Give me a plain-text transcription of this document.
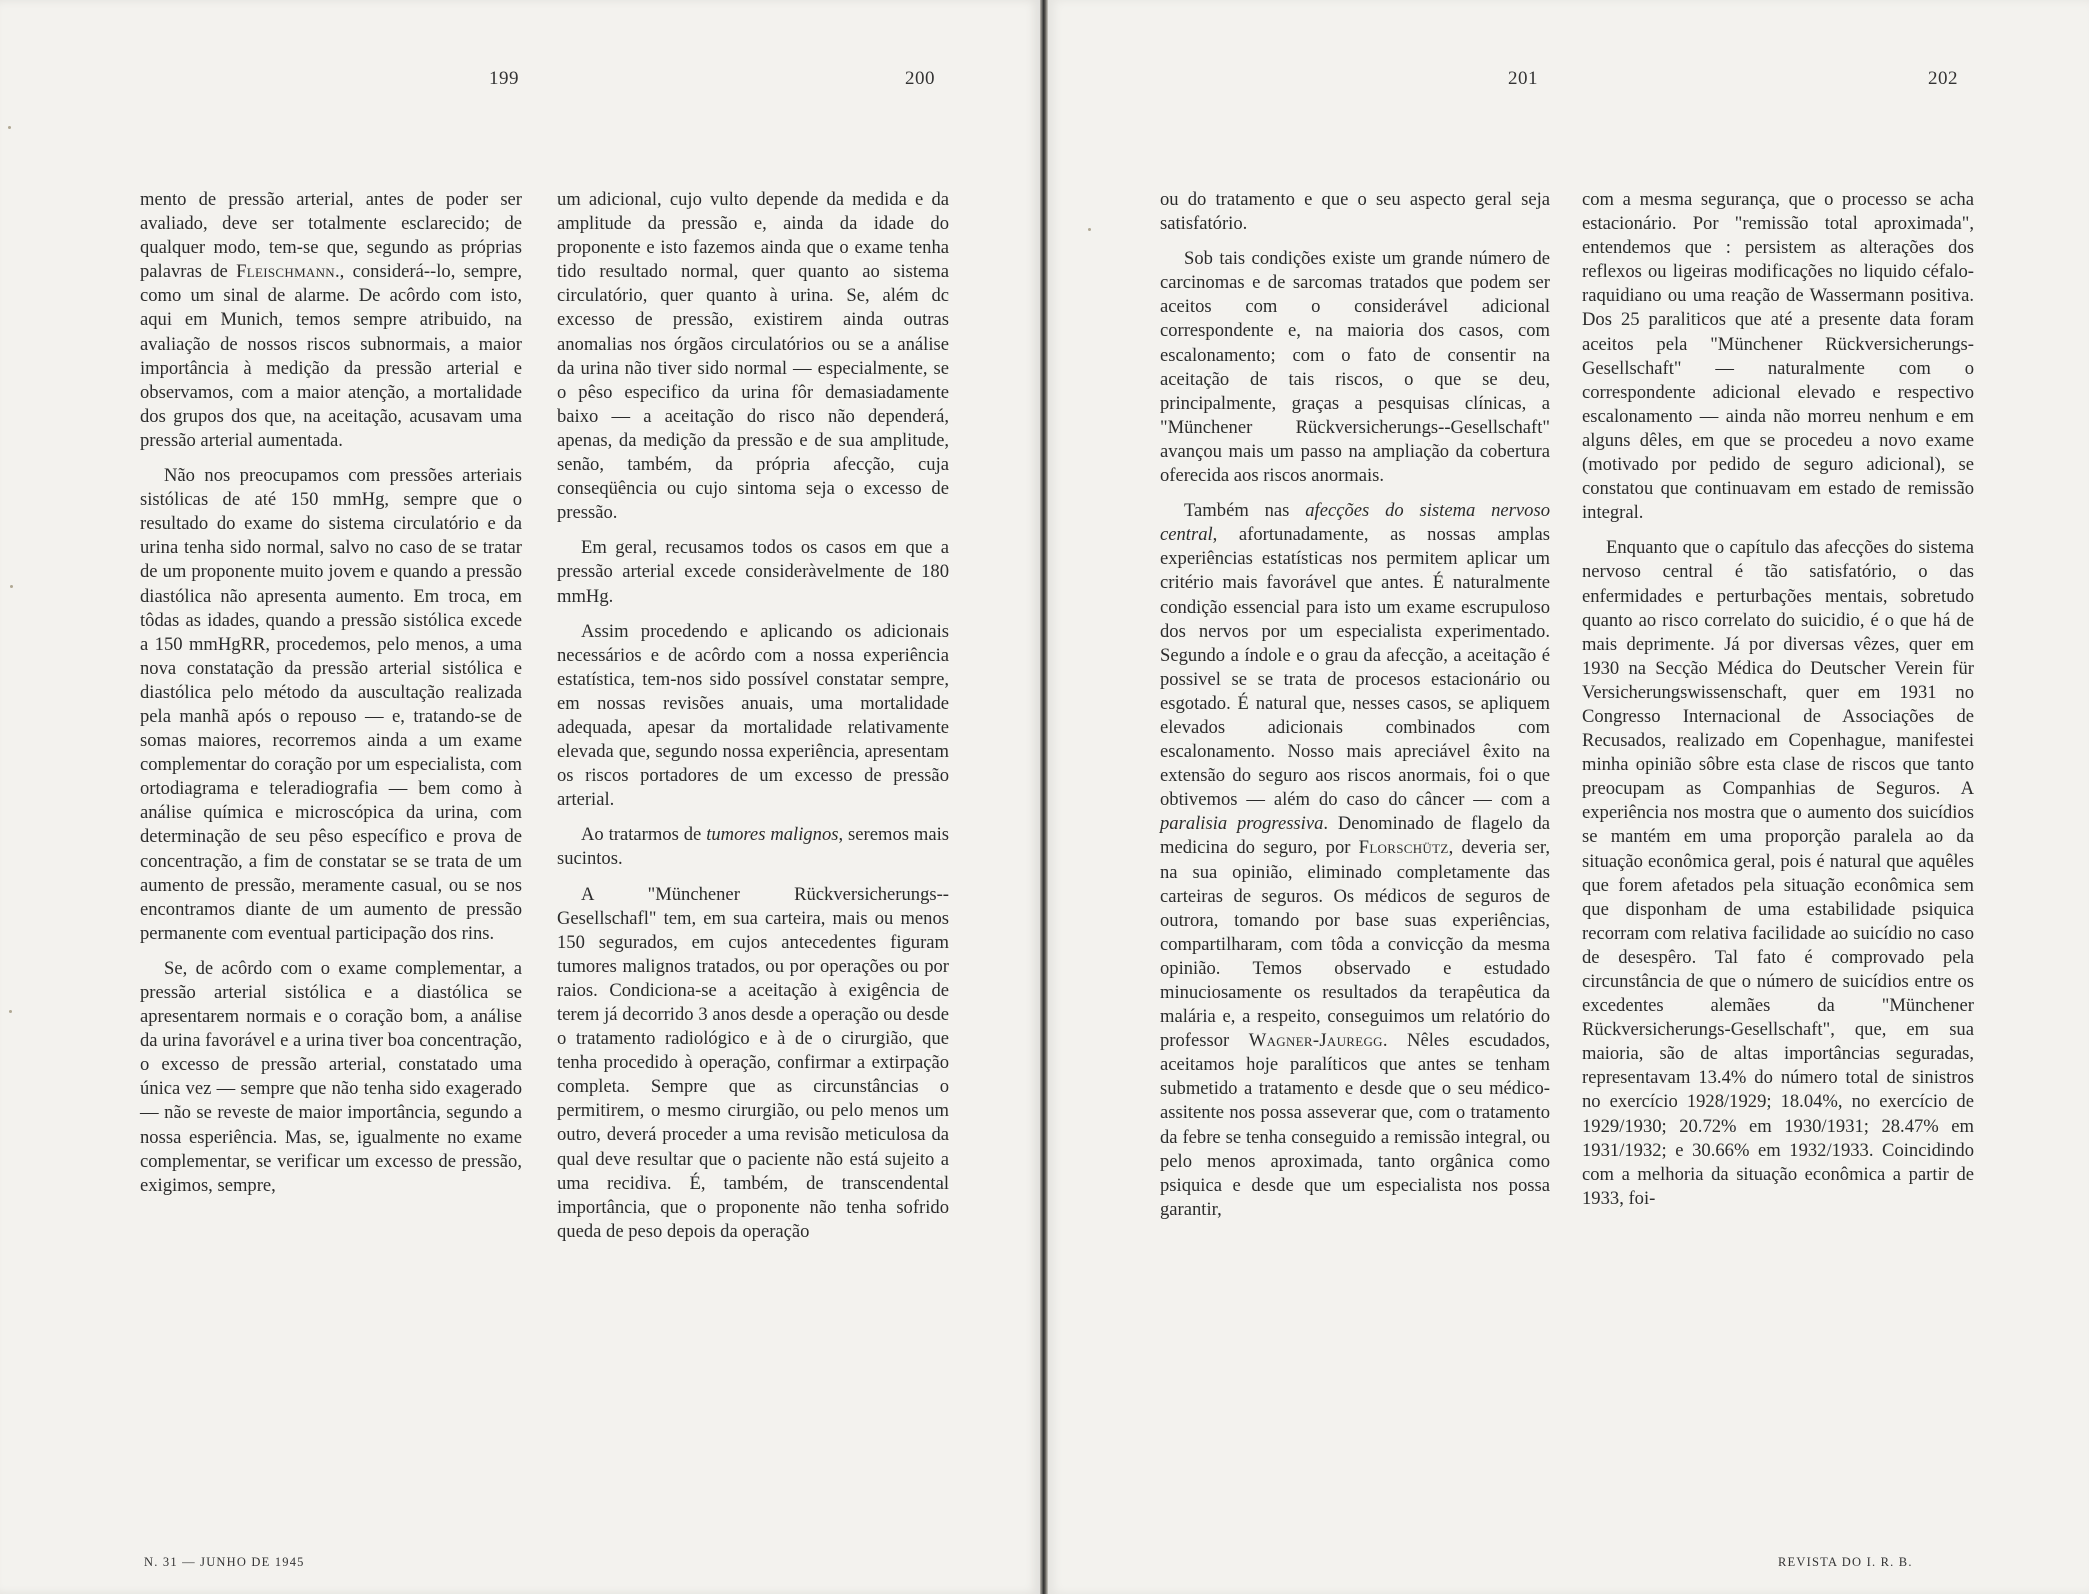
199	200

mento de pressão arterial, antes de poder ser avaliado, deve ser totalmente esclarecido; de qualquer modo, tem-se que, segundo as próprias palavras de Fleischmann., considerá--lo, sempre, como um sinal de alarme. De acôrdo com isto, aqui em Munich, temos sempre atribuido, na avaliação de nossos riscos subnormais, a maior importância à medição da pressão arterial e observamos, com a maior atenção, a mortalidade dos grupos dos que, na aceitação, acusavam uma pressão arterial aumentada.

Não nos preocupamos com pressões arteriais sistólicas de até 150 mmHg, sempre que o resultado do exame do sistema circulatório e da urina tenha sido normal, salvo no caso de se tratar de um proponente muito jovem e quando a pressão diastólica não apresenta aumento. Em troca, em tôdas as idades, quando a pressão sistólica excede a 150 mmHgRR, procedemos, pelo menos, a uma nova constatação da pressão arterial sistólica e diastólica pelo método da auscultação realizada pela manhã após o repouso — e, tratando-se de somas maiores, recorremos ainda a um exame complementar do coração por um especialista, com ortodiagrama e teleradiografia — bem como à análise química e microscópica da urina, com determinação de seu pêso específico e prova de concentração, a fim de constatar se se trata de um aumento de pressão, meramente casual, ou se nos encontramos diante de um aumento de pressão permanente com eventual participação dos rins.

Se, de acôrdo com o exame complementar, a pressão arterial sistólica e a diastólica se apresentarem normais e o coração bom, a análise da urina favorável e a urina tiver boa concentração, o excesso de pressão arterial, constatado uma única vez — sempre que não tenha sido exagerado — não se reveste de maior importância, segundo a nossa esperiência. Mas, se, igualmente no exame complementar, se verificar um excesso de pressão, exigimos, sempre,

um adicional, cujo vulto depende da medida e da amplitude da pressão e, ainda da idade do proponente e isto fazemos ainda que o exame tenha tido resultado normal, quer quanto ao sistema circulatório, quer quanto à urina. Se, além dc excesso de pressão, existirem ainda outras anomalias nos órgãos circulatórios ou se a análise da urina não tiver sido normal — especialmente, se o pêso especifico da urina fôr demasiadamente baixo — a aceitação do risco não dependerá, apenas, da medição da pressão e de sua amplitude, senão, também, da própria afecção, cuja conseqüência ou cujo sintoma seja o excesso de pressão.

Em geral, recusamos todos os casos em que a pressão arterial excede consideràvelmente de 180 mmHg.

Assim procedendo e aplicando os adicionais necessários e de acôrdo com a nossa experiência estatística, tem-nos sido possível constatar sempre, em nossas revisões anuais, uma mortalidade adequada, apesar da mortalidade relativamente elevada que, segundo nossa experiência, apresentam os riscos portadores de um excesso de pressão arterial.

Ao tratarmos de tumores malignos, seremos mais sucintos.

A "Münchener Rückversicherungs--Gesellschafl" tem, em sua carteira, mais ou menos 150 segurados, em cujos antecedentes figuram tumores malignos tratados, ou por operações ou por raios. Condiciona-se a aceitação à exigência de terem já decorrido 3 anos desde a operação ou desde o tratamento radiológico e à de o cirurgião, que tenha procedido à operação, confirmar a extirpação completa. Sempre que as circunstâncias o permitirem, o mesmo cirurgião, ou pelo menos um outro, deverá proceder a uma revisão meticulosa da qual deve resultar que o paciente não está sujeito a uma recidiva. É, também, de transcendental importância, que o proponente não tenha sofrido queda de peso depois da operação

N. 31 — JUNHO DE 1945
201	202

ou do tratamento e que o seu aspecto geral seja satisfatório.

Sob tais condições existe um grande número de carcinomas e de sarcomas tratados que podem ser aceitos com o considerável adicional correspondente e, na maioria dos casos, com escalonamento; com o fato de consentir na aceitação de tais riscos, o que se deu, principalmente, graças a pesquisas clínicas, a "Münchener Rückversicherungs--Gesellschaft" avançou mais um passo na ampliação da cobertura oferecida aos riscos anormais.

Também nas afecções do sistema nervoso central, afortunadamente, as nossas amplas experiências estatísticas nos permitem aplicar um critério mais favorável que antes. É naturalmente condição essencial para isto um exame escrupuloso dos nervos por um especialista experimentado. Segundo a índole e o grau da afecção, a aceitação é possivel se se trata de procesos estacionário ou esgotado. É natural que, nesses casos, se apliquem elevados adicionais combinados com escalonamento. Nosso mais apreciável êxito na extensão do seguro aos riscos anormais, foi o que obtivemos — além do caso do câncer — com a paralisia progressiva. Denominado de flagelo da medicina do seguro, por Florschütz, deveria ser, na sua opinião, eliminado completamente das carteiras de seguros. Os médicos de seguros de outrora, tomando por base suas experiências, compartilharam, com tôda a convicção da mesma opinião. Temos observado e estudado minuciosamente os resultados da terapêutica da malária e, a respeito, conseguimos um relatório do professor Wagner-Jauregg. Nêles escudados, aceitamos hoje paralíticos que antes se tenham submetido a tratamento e desde que o seu médico-assitente nos possa asseverar que, com o tratamento da febre se tenha conseguido a remissão integral, ou pelo menos aproximada, tanto orgânica como psiquica e desde que um especialista nos possa garantir,

com a mesma segurança, que o processo se acha estacionário. Por "remissão total aproximada", entendemos que : persistem as alterações dos reflexos ou ligeiras modificações no liquido céfalo-raquidiano ou uma reação de Wassermann positiva. Dos 25 paraliticos que até a presente data foram aceitos pela "Münchener Rückversicherungs-Gesellschaft" — naturalmente com o correspondente adicional elevado e respectivo escalonamento — ainda não morreu nenhum e em alguns dêles, em que se procedeu a novo exame (motivado por pedido de seguro adicional), se constatou que continuavam em estado de remissão integral.

Enquanto que o capítulo das afecções do sistema nervoso central é tão satisfatório, o das enfermidades e perturbações mentais, sobretudo quanto ao risco correlato do suicidio, é o que há de mais deprimente. Já por diversas vêzes, quer em 1930 na Secção Médica do Deutscher Verein für Versicherungswissenschaft, quer em 1931 no Congresso Internacional de Associações de Recusados, realizado em Copenhague, manifestei minha opinião sôbre esta clase de riscos que tanto preocupam as Companhias de Seguros. A experiência nos mostra que o aumento dos suicídios se mantém em uma proporção paralela ao da situação econômica geral, pois é natural que aquêles que forem afetados pela situação econômica sem que disponham de uma estabilidade psiquica recorram com relativa facilidade ao suicídio no caso de desespêro. Tal fato é comprovado pela circunstância de que o número de suicídios entre os excedentes alemães da "Münchener Rückversicherungs-Gesellschaft", que, em sua maioria, são de altas importâncias seguradas, representavam 13.4% do número total de sinistros no exercício 1928/1929; 18.04%, no exercício de 1929/1930; 20.72% em 1930/1931; 28.47% em 1931/1932; e 30.66% em 1932/1933. Coincidindo com a melhoria da situação econômica a partir de 1933, foi-

REVISTA DO I. R. B.
